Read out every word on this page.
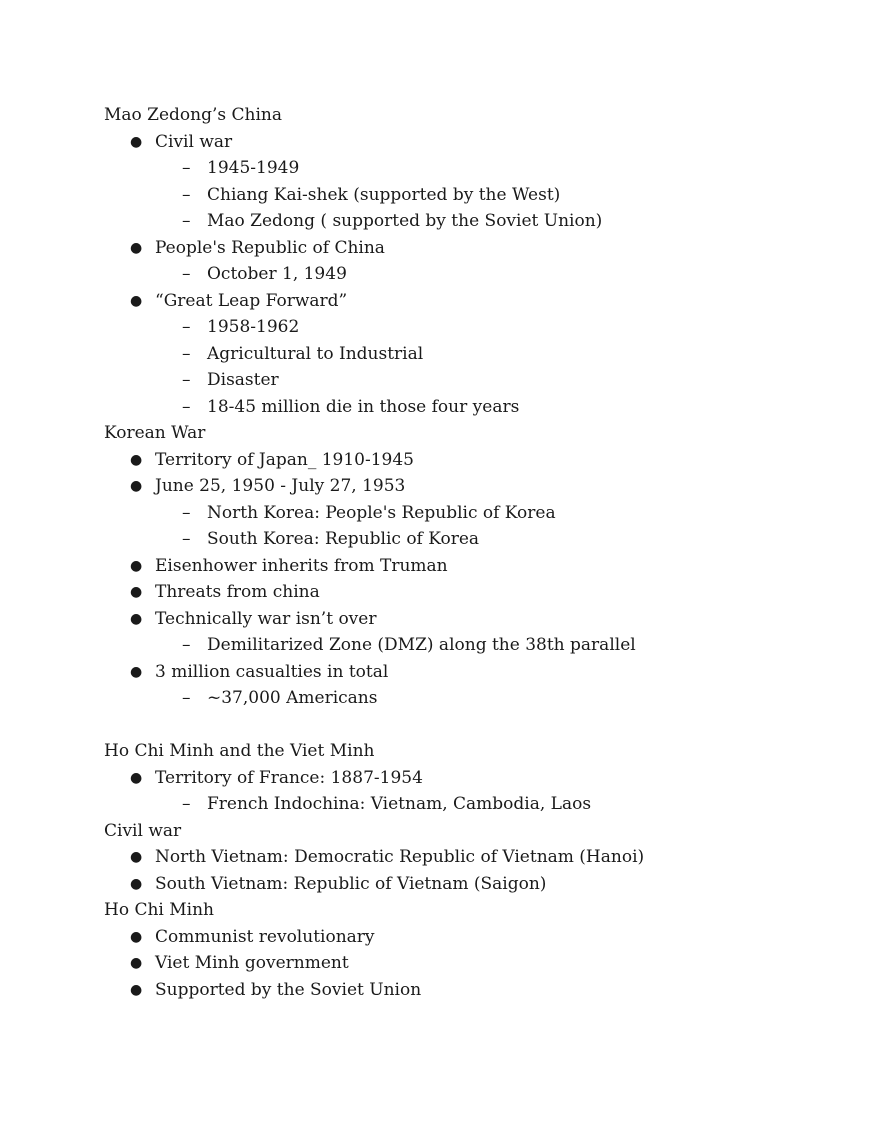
Mao Zedong’s China
● Civil war
– 1945-1949
– Chiang Kai-shek (supported by the West)
– Mao Zedong ( supported by the Soviet Union)
● People's Republic of China
– October 1, 1949
● “Great Leap Forward”
– 1958-1962
– Agricultural to Industrial
– Disaster
– 18-45 million die in those four years
Korean War
● Territory of Japan_ 1910-1945
● June 25, 1950 - July 27, 1953
– North Korea: People's Republic of Korea
– South Korea: Republic of Korea
● Eisenhower inherits from Truman
● Threats from china
● Technically war isn’t over
– Demilitarized Zone (DMZ) along the 38th parallel
● 3 million casualties in total
– ~37,000 Americans
Ho Chi Minh and the Viet Minh
● Territory of France: 1887-1954
– French Indochina: Vietnam, Cambodia, Laos
Civil war
● North Vietnam: Democratic Republic of Vietnam (Hanoi)
● South Vietnam: Republic of Vietnam (Saigon)
Ho Chi Minh
● Communist revolutionary
● Viet Minh government
● Supported by the Soviet Union
